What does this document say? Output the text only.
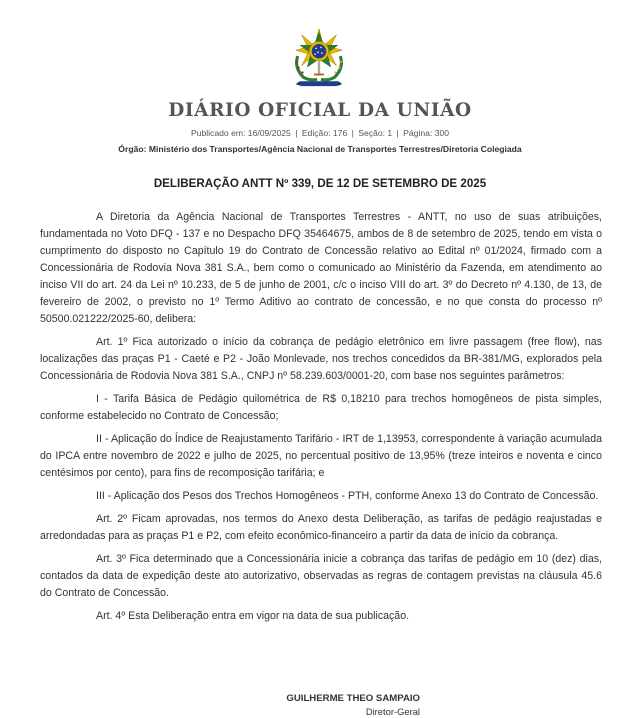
DIÁRIO OFICIAL DA UNIÃO
Publicado em: 16/09/2025 | Edição: 176 | Seção: 1 | Página: 300
Órgão: Ministério dos Transportes/Agência Nacional de Transportes Terrestres/Diretoria Colegiada
DELIBERAÇÃO ANTT Nº 339, DE 12 DE SETEMBRO DE 2025

A Diretoria da Agência Nacional de Transportes Terrestres - ANTT, no uso de suas atribuições, fundamentada no Voto DFQ - 137 e no Despacho DFQ 35464675, ambos de 8 de setembro de 2025, tendo em vista o cumprimento do disposto no Capítulo 19 do Contrato de Concessão relativo ao Edital nº 01/2024, firmado com a Concessionária de Rodovia Nova 381 S.A., bem como o comunicado ao Ministério da Fazenda, em atendimento ao inciso VII do art. 24 da Lei nº 10.233, de 5 de junho de 2001, c/c o inciso VIII do art. 3º do Decreto nº 4.130, de 13, de fevereiro de 2002, o previsto no 1º Termo Aditivo ao contrato de concessão, e no que consta do processo nº 50500.021222/2025-60, delibera:

Art. 1º Fica autorizado o início da cobrança de pedágio eletrônico em livre passagem (free flow), nas localizações das praças P1 - Caeté e P2 - João Monlevade, nos trechos concedidos da BR-381/MG, explorados pela Concessionária de Rodovia Nova 381 S.A., CNPJ nº 58.239.603/0001-20, com base nos seguintes parâmetros:

I - Tarifa Básica de Pedágio quilométrica de R$ 0,18210 para trechos homogêneos de pista simples, conforme estabelecido no Contrato de Concessão;

II - Aplicação do Índice de Reajustamento Tarifário - IRT de 1,13953, correspondente à variação acumulada do IPCA entre novembro de 2022 e julho de 2025, no percentual positivo de 13,95% (treze inteiros e noventa e cinco centésimos por cento), para fins de recomposição tarifária; e

III - Aplicação dos Pesos dos Trechos Homogêneos - PTH, conforme Anexo 13 do Contrato de Concessão.

Art. 2º Ficam aprovadas, nos termos do Anexo desta Deliberação, as tarifas de pedágio reajustadas e arredondadas para as praças P1 e P2, com efeito econômico-financeiro a partir da data de início da cobrança.

Art. 3º Fica determinado que a Concessionária inicie a cobrança das tarifas de pedágio em 10 (dez) dias, contados da data de expedição deste ato autorizativo, observadas as regras de contagem previstas na cláusula 45.6 do Contrato de Concessão.

Art. 4º Esta Deliberação entra em vigor na data de sua publicação.

GUILHERME THEO SAMPAIO
Diretor-Geral
